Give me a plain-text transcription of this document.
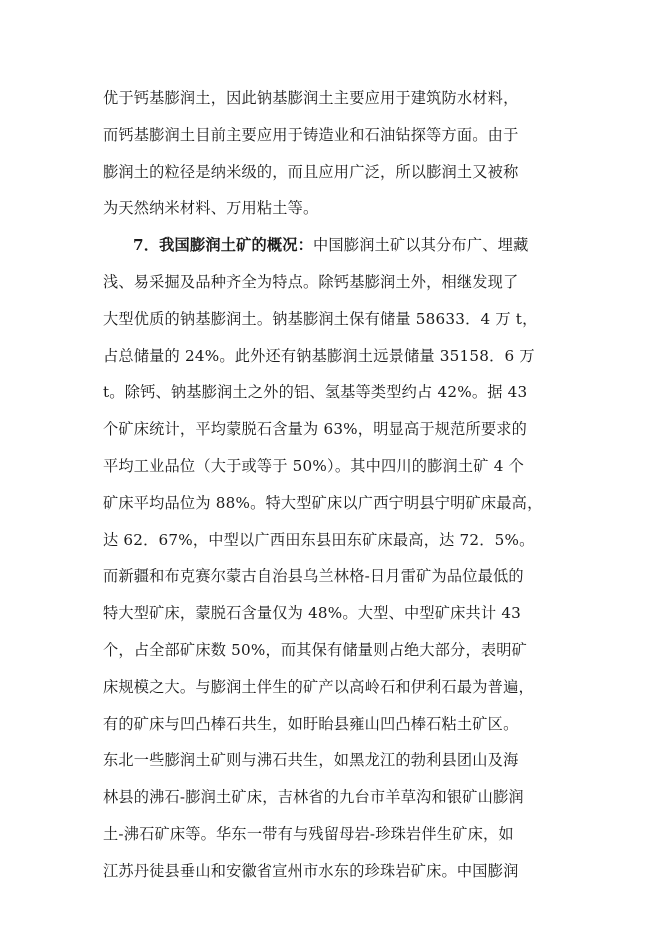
优于钙基膨润土，因此钠基膨润土主要应用于建筑防水材料，
而钙基膨润土目前主要应用于铸造业和石油钻探等方面。由于
膨润土的粒径是纳米级的，而且应用广泛，所以膨润土又被称
为天然纳米材料、万用粘土等。
7．我国膨润土矿的概况：中国膨润土矿以其分布广、埋藏
浅、易采掘及品种齐全为特点。除钙基膨润土外，相继发现了
大型优质的钠基膨润土。钠基膨润土保有储量 58633．4 万 t，
占总储量的 24%。此外还有钠基膨润土远景储量 35158．6 万
t。除钙、钠基膨润土之外的铝、氢基等类型约占 42%。据 43
个矿床统计，平均蒙脱石含量为 63%，明显高于规范所要求的
平均工业品位（大于或等于 50%）。其中四川的膨润土矿 4 个
矿床平均品位为 88%。特大型矿床以广西宁明县宁明矿床最高，
达 62．67%，中型以广西田东县田东矿床最高，达 72．5%。
而新疆和布克赛尔蒙古自治县乌兰林格-日月雷矿为品位最低的
特大型矿床，蒙脱石含量仅为 48%。大型、中型矿床共计 43
个，占全部矿床数 50%，而其保有储量则占绝大部分，表明矿
床规模之大。与膨润土伴生的矿产以高岭石和伊利石最为普遍，
有的矿床与凹凸棒石共生，如盱眙县雍山凹凸棒石粘土矿区。
东北一些膨润土矿则与沸石共生，如黑龙江的勃利县团山及海
林县的沸石-膨润土矿床，吉林省的九台市羊草沟和银矿山膨润
土-沸石矿床等。华东一带有与残留母岩-珍珠岩伴生矿床，如
江苏丹徒县垂山和安徽省宣州市水东的珍珠岩矿床。中国膨润
